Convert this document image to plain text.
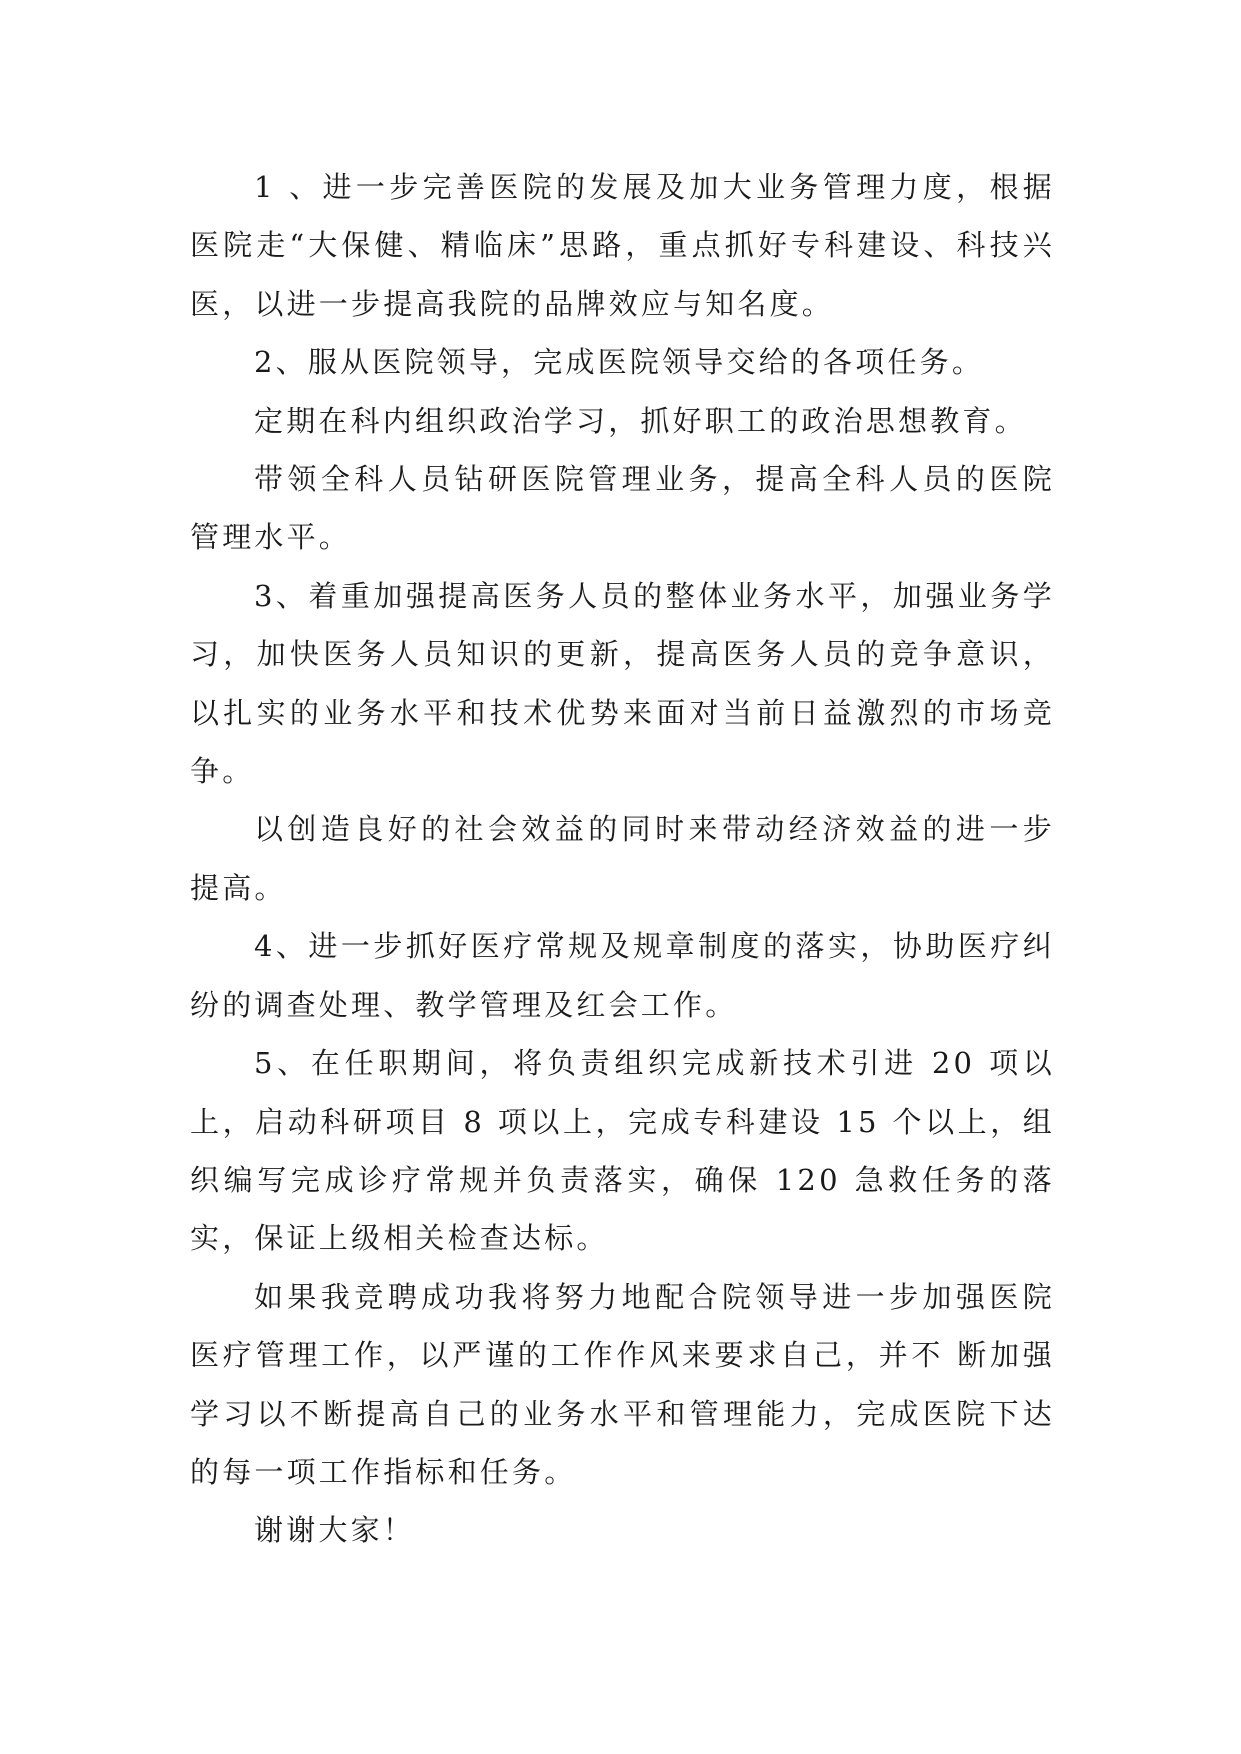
1 、进一步完善医院的发展及加大业务管理力度，根据医院走“大保健、精临床”思路，重点抓好专科建设、科技兴医，以进一步提高我院的品牌效应与知名度。

2、服从医院领导，完成医院领导交给的各项任务。

定期在科内组织政治学习，抓好职工的政治思想教育。

带领全科人员钻研医院管理业务，提高全科人员的医院管理水平。

3、着重加强提高医务人员的整体业务水平，加强业务学习，加快医务人员知识的更新，提高医务人员的竞争意识，以扎实的业务水平和技术优势来面对当前日益激烈的市场竞争。

以创造良好的社会效益的同时来带动经济效益的进一步提高。

4、进一步抓好医疗常规及规章制度的落实，协助医疗纠纷的调查处理、教学管理及红会工作。

5、在任职期间，将负责组织完成新技术引进 20 项以上，启动科研项目 8 项以上，完成专科建设 15 个以上，组织编写完成诊疗常规并负责落实，确保 120 急救任务的落实，保证上级相关检查达标。

如果我竞聘成功我将努力地配合院领导进一步加强医院医疗管理工作，以严谨的工作作风来要求自己，并不 断加强学习以不断提高自己的业务水平和管理能力，完成医院下达的每一项工作指标和任务。

谢谢大家！
